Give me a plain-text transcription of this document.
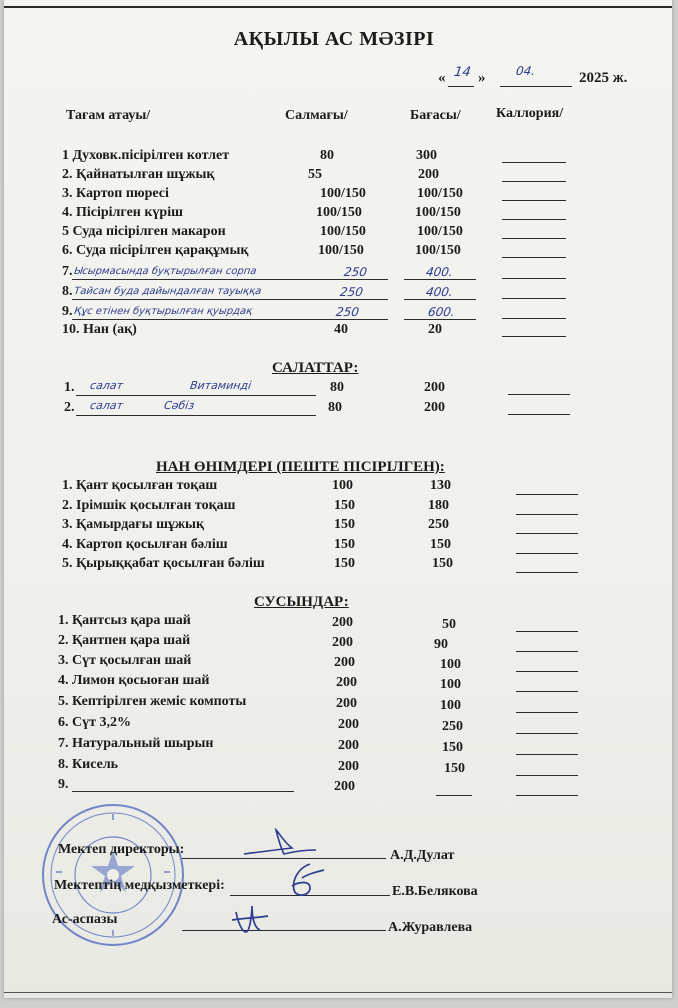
АҚЫЛЫ АС МӘЗІРІ
« 14 » 04.	2025 ж.
Тағам атауы/	Салмағы/	Бағасы/	Каллория/
1 Духовк.пісірілген котлет	80	300
2. Қайнатылған шұжық	55	200
3. Картоп пюресі	100/150	100/150
4. Пісірілген күріш	100/150	100/150
5 Суда пісірілген макарон	100/150	100/150
6. Суда пісірілген қарақұмық	100/150	100/150
7. Ысырмасында буқтырылған сорпа	250	400.
8. Тайсан буда дайындалған тауыққа	250	400.
9. Құс етінен буқтырылған қуырдақ	250	600.
10. Нан (ақ)	40	20
САЛАТТАР:
1. салат	Витаминді	80	200
2. салат	Сәбіз	80	200
НАН ӨНІМДЕРІ (ПЕШТЕ ПІСІРІЛГЕН):
1. Қант қосылған тоқаш	100	130
2. Ірімшік қосылған тоқаш	150	180
3. Қамырдағы шұжық	150	250
4. Картоп қосылған бәліш	150	150
5. Қырыққабат қосылған бәліш	150	150
СУСЫНДАР:
1. Қантсыз қара шай	200	50
2. Қантпен қара шай	200	90
3. Сүт қосылған шай	200	100
4. Лимон қосыоған шай	200	100
5. Кептірілген жеміс компоты	200	100
6. Сүт 3,2%	200	250
7. Натуральный шырын	200	150
8. Кисель	200	150
9.	200
Мектеп директоры:	А.Д.Дулат
Мектептің медқызметкері:	Е.В.Белякова
Ас-аспазы
А.Журавлева
